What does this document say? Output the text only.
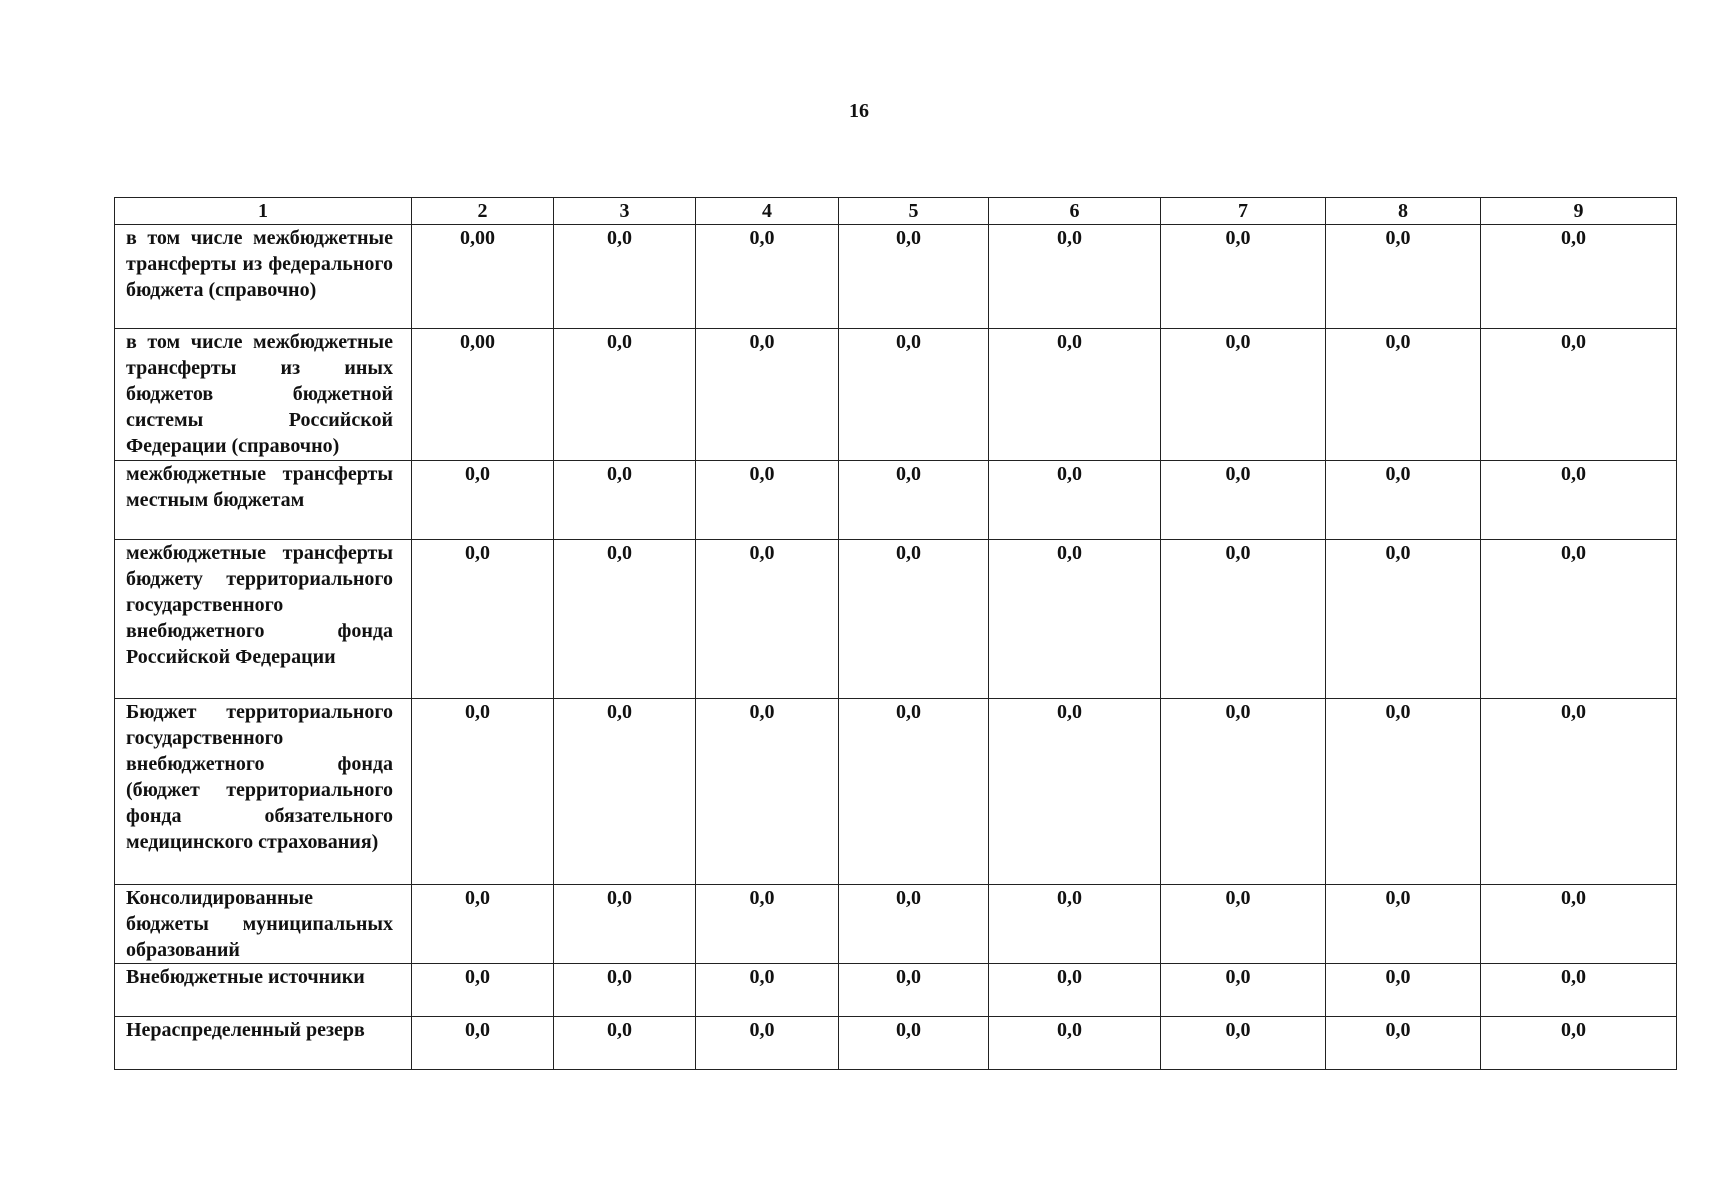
16
1	2	3	4	5	6	7	8	9
в том числе межбюджетные трансферты из федерального бюджета (справочно)	0,00	0,0	0,0	0,0	0,0	0,0	0,0	0,0
в том числе межбюджетные трансферты из иных бюджетов бюджетной системы Российской Федерации (справочно)	0,00	0,0	0,0	0,0	0,0	0,0	0,0	0,0
межбюджетные трансферты местным бюджетам	0,0	0,0	0,0	0,0	0,0	0,0	0,0	0,0
межбюджетные трансферты бюджету территориального государственного внебюджетного фонда Российской Федерации	0,0	0,0	0,0	0,0	0,0	0,0	0,0	0,0
Бюджет территориального государственного внебюджетного фонда (бюджет территориального фонда обязательного медицинского страхования)	0,0	0,0	0,0	0,0	0,0	0,0	0,0	0,0
Консолидированные бюджеты муниципальных образований	0,0	0,0	0,0	0,0	0,0	0,0	0,0	0,0
Внебюджетные источники	0,0	0,0	0,0	0,0	0,0	0,0	0,0	0,0
Нераспределенный резерв	0,0	0,0	0,0	0,0	0,0	0,0	0,0	0,0
